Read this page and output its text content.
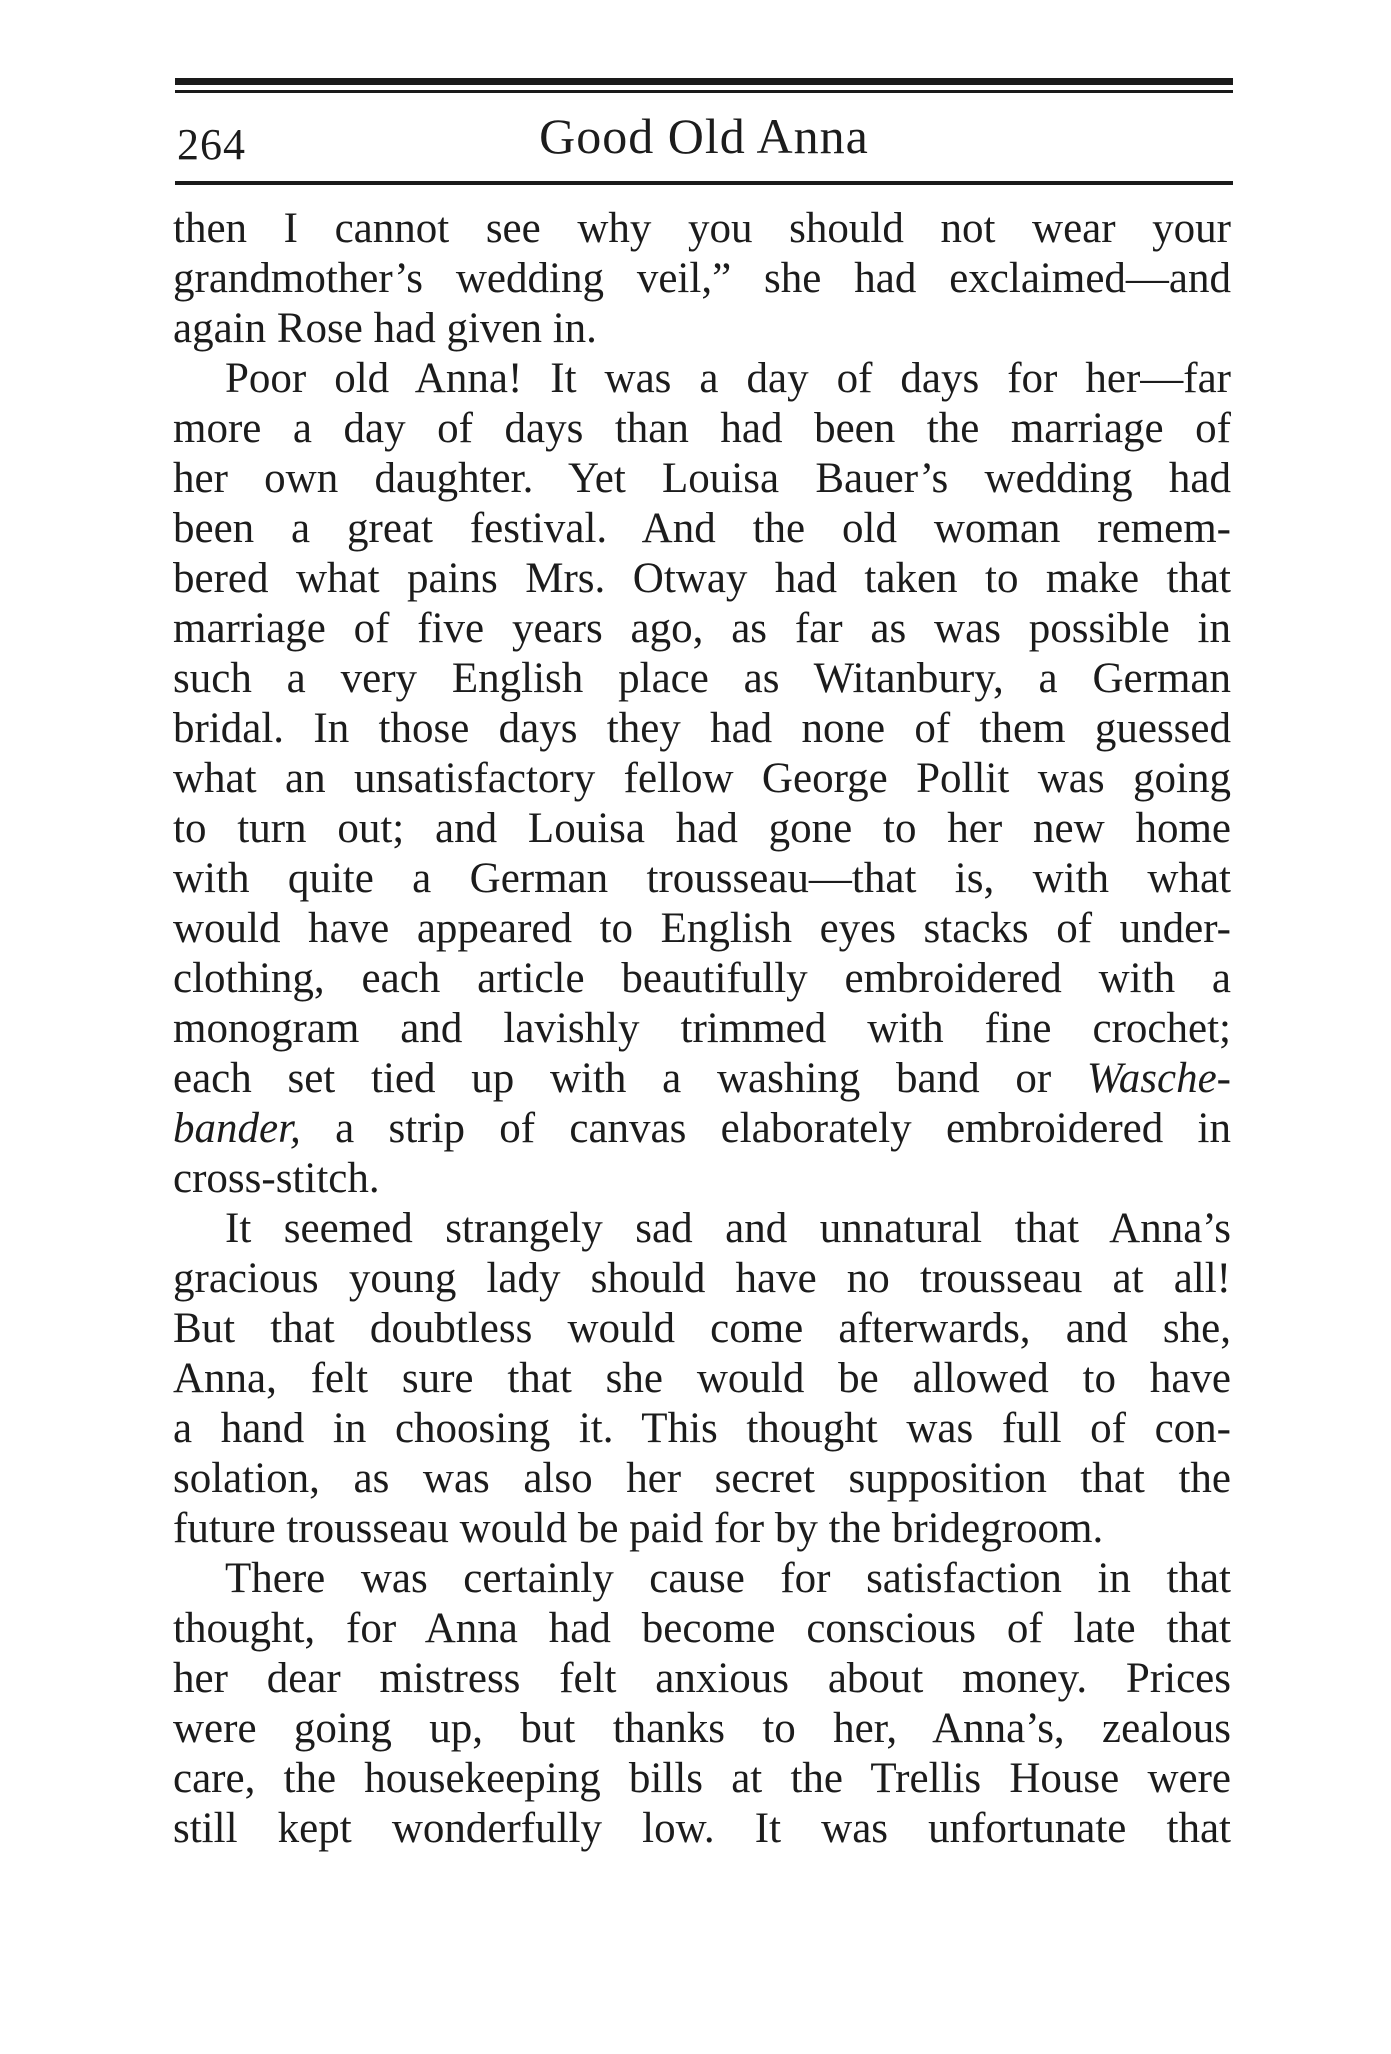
264	Good Old Anna
then I cannot see why you should not wear your
grandmother’s wedding veil,” she had exclaimed—and
again Rose had given in.
Poor old Anna! It was a day of days for her—far
more a day of days than had been the marriage of
her own daughter. Yet Louisa Bauer’s wedding had
been a great festival. And the old woman remem-
bered what pains Mrs. Otway had taken to make that
marriage of five years ago, as far as was possible in
such a very English place as Witanbury, a German
bridal. In those days they had none of them guessed
what an unsatisfactory fellow George Pollit was going
to turn out; and Louisa had gone to her new home
with quite a German trousseau—that is, with what
would have appeared to English eyes stacks of under-
clothing, each article beautifully embroidered with a
monogram and lavishly trimmed with fine crochet;
each set tied up with a washing band or Wasche-
bander, a strip of canvas elaborately embroidered in
cross-stitch.
It seemed strangely sad and unnatural that Anna’s
gracious young lady should have no trousseau at all!
But that doubtless would come afterwards, and she,
Anna, felt sure that she would be allowed to have
a hand in choosing it. This thought was full of con-
solation, as was also her secret supposition that the
future trousseau would be paid for by the bridegroom.
There was certainly cause for satisfaction in that
thought, for Anna had become conscious of late that
her dear mistress felt anxious about money. Prices
were going up, but thanks to her, Anna’s, zealous
care, the housekeeping bills at the Trellis House were
still kept wonderfully low. It was unfortunate that
